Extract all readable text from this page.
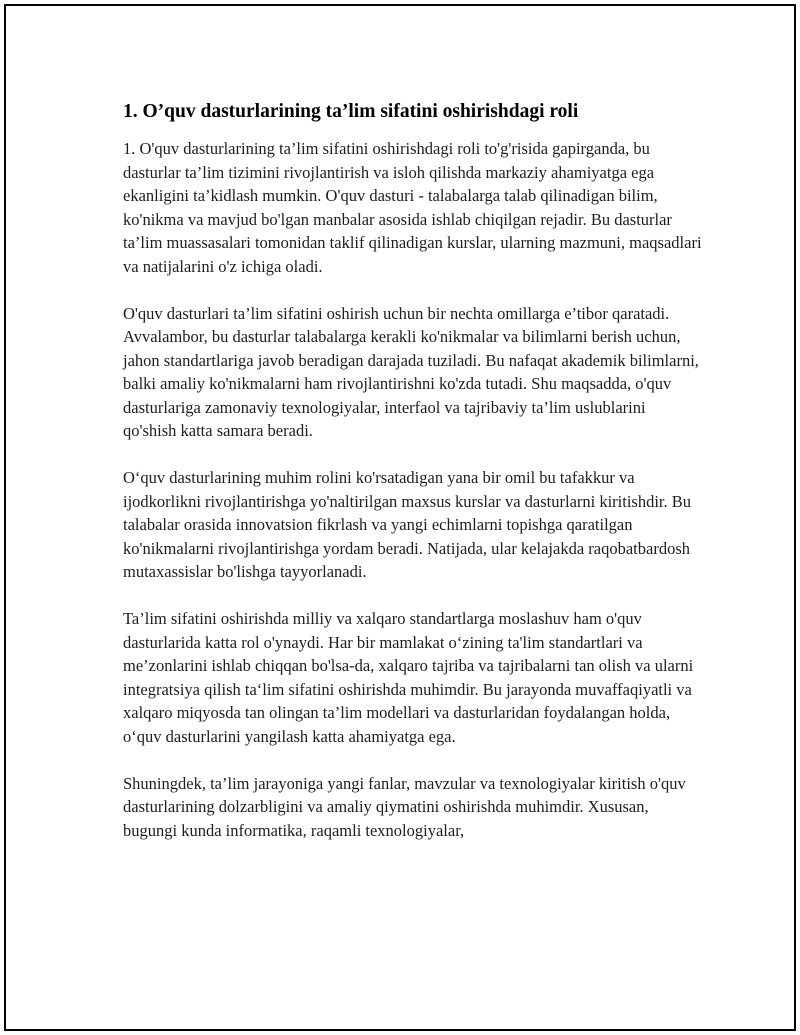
1. O’quv dasturlarining ta’lim sifatini oshirishdagi roli

1. O'quv dasturlarining ta’lim sifatini oshirishdagi roli to'g'risida gapirganda, bu dasturlar ta’lim tizimini rivojlantirish va isloh qilishda markaziy ahamiyatga ega ekanligini ta’kidlash mumkin. O'quv dasturi - talabalarga talab qilinadigan bilim, ko'nikma va mavjud bo'lgan manbalar asosida ishlab chiqilgan rejadir. Bu dasturlar ta’lim muassasalari tomonidan taklif qilinadigan kurslar, ularning mazmuni, maqsadlari va natijalarini o'z ichiga oladi.

O'quv dasturlari ta’lim sifatini oshirish uchun bir nechta omillarga e’tibor qaratadi. Avvalambor, bu dasturlar talabalarga kerakli ko'nikmalar va bilimlarni berish uchun, jahon standartlariga javob beradigan darajada tuziladi. Bu nafaqat akademik bilimlarni, balki amaliy ko'nikmalarni ham rivojlantirishni ko'zda tutadi. Shu maqsadda, o'quv dasturlariga zamonaviy texnologiyalar, interfaol va tajribaviy ta’lim uslublarini qo'shish katta samara beradi.

O‘quv dasturlarining muhim rolini ko'rsatadigan yana bir omil bu tafakkur va ijodkorlikni rivojlantirishga yo'naltirilgan maxsus kurslar va dasturlarni kiritishdir. Bu talabalar orasida innovatsion fikrlash va yangi echimlarni topishga qaratilgan ko'nikmalarni rivojlantirishga yordam beradi. Natijada, ular kelajakda raqobatbardosh mutaxassislar bo'lishga tayyorlanadi.

Ta’lim sifatini oshirishda milliy va xalqaro standartlarga moslashuv ham o'quv dasturlarida katta rol o'ynaydi. Har bir mamlakat o‘zining ta'lim standartlari va me’zonlarini ishlab chiqqan bo'lsa-da, xalqaro tajriba va tajribalarni tan olish va ularni integratsiya qilish ta‘lim sifatini oshirishda muhimdir. Bu jarayonda muvaffaqiyatli va xalqaro miqyosda tan olingan ta’lim modellari va dasturlaridan foydalangan holda, o‘quv dasturlarini yangilash katta ahamiyatga ega.

Shuningdek, ta’lim jarayoniga yangi fanlar, mavzular va texnologiyalar kiritish o'quv dasturlarining dolzarbligini va amaliy qiymatini oshirishda muhimdir. Xususan, bugungi kunda informatika, raqamli texnologiyalar,
